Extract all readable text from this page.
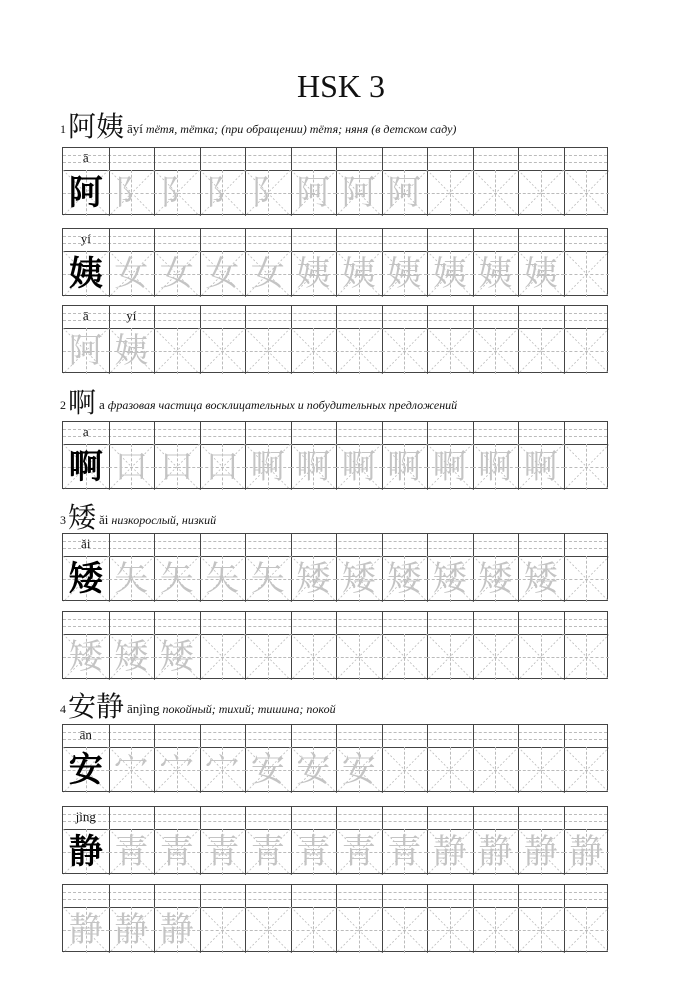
HSK 3
1阿姨 āyí тётя, тётка; (при обращении) тётя; няня (в детском саду)
2啊 a фразовая частица восклицательных и побудительных предложений
3矮 ǎi низкорослый, низкий
4安静 ānjìng покойный; тихий; тишина; покой
ā
阿 阝 阝 阝 阝 阿 阿 阿
yí
姨 女 女 女 女 姨 姨 姨 姨 姨 姨
ā	yí
阿 姨
a
啊 口 口 口 啊 啊 啊 啊 啊 啊 啊
ǎi
矮 矢 矢 矢 矢 矮 矮 矮 矮 矮 矮
矮 矮 矮
ān
安 宀 宀 宀 安 安 安
jìng
静 青 青 青 青 青 青 青 静 静 静 静
静 静 静
